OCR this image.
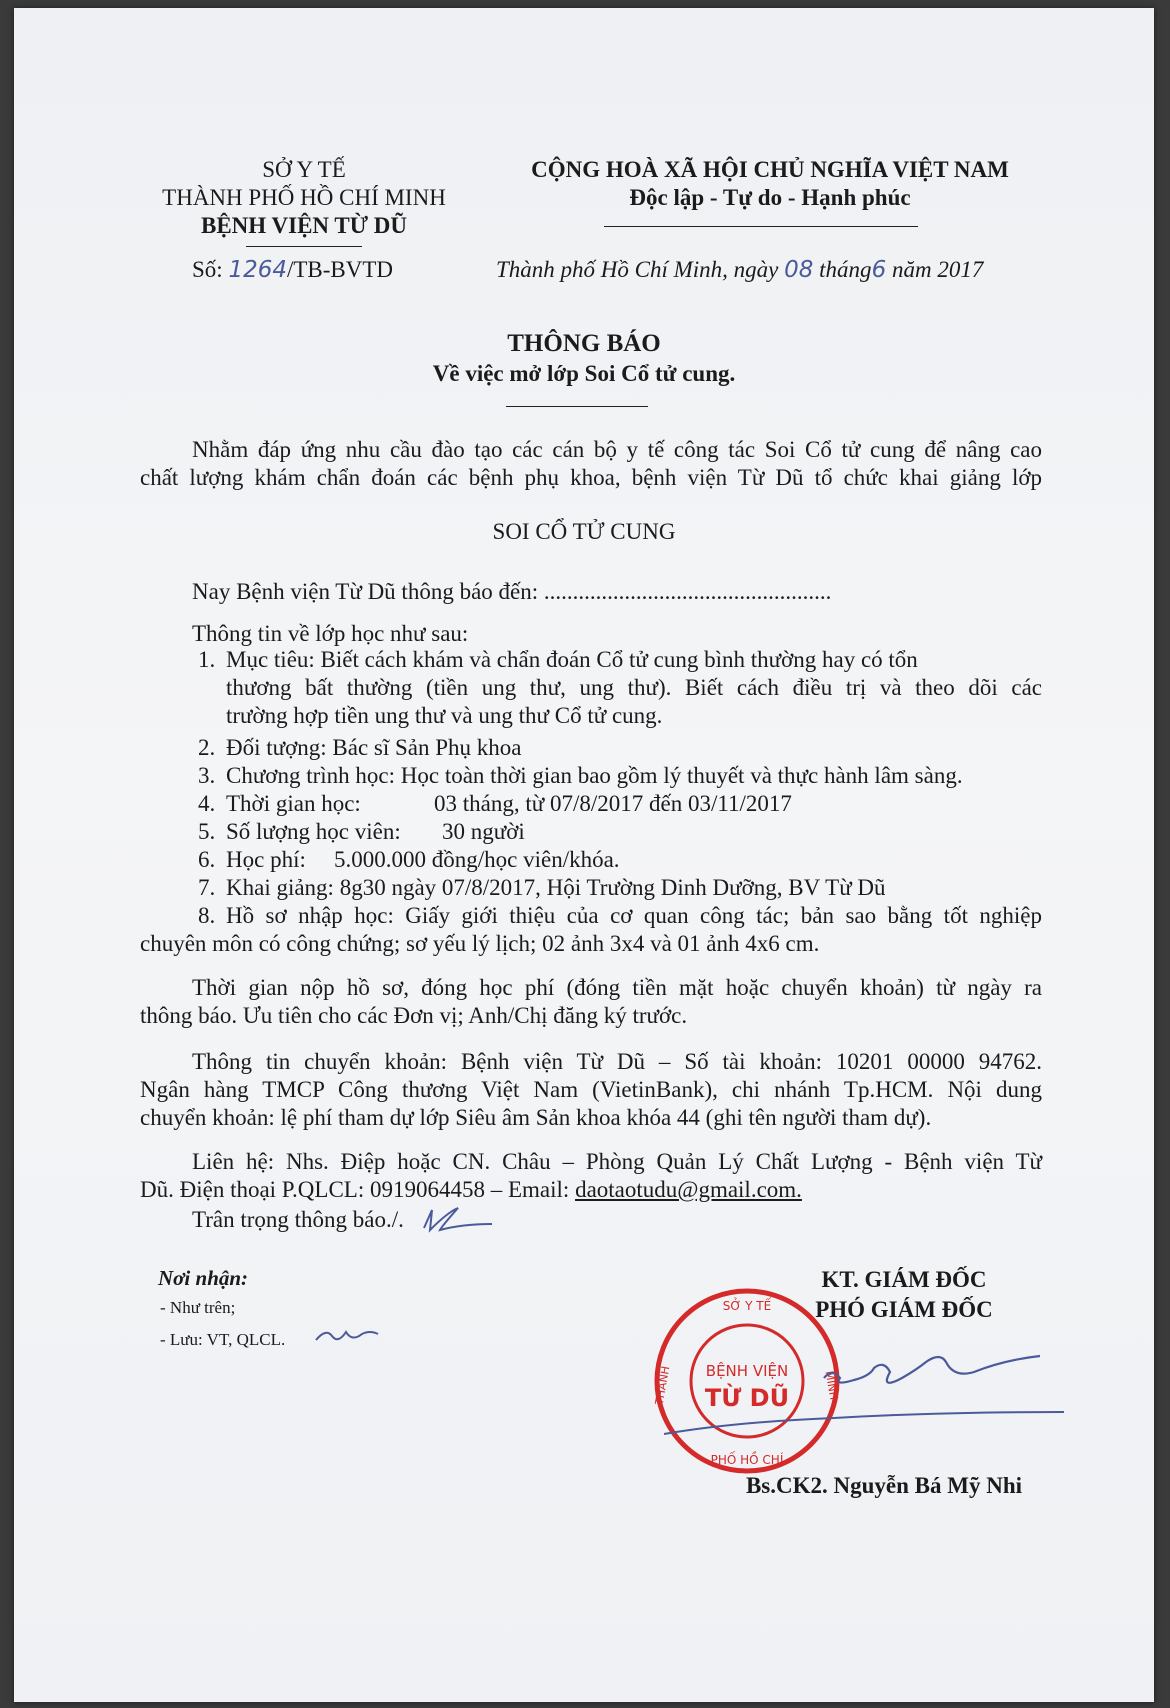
SỞ Y TẾ
THÀNH PHỐ HỒ CHÍ MINH
BỆNH VIỆN TỪ DŨ
Số: 1264/TB-BVTD
CỘNG HOÀ XÃ HỘI CHỦ NGHĨA VIỆT NAM
Độc lập - Tự do - Hạnh phúc
Thành phố Hồ Chí Minh, ngày 08 tháng6 năm 2017
THÔNG BÁO
Về việc mở lớp Soi Cổ tử cung.
Nhằm đáp ứng nhu cầu đào tạo các cán bộ y tế công tác Soi Cổ tử cung để nâng cao
chất lượng khám chẩn đoán các bệnh phụ khoa, bệnh viện Từ Dũ tổ chức khai giảng lớp
SOI CỔ TỬ CUNG
Nay Bệnh viện Từ Dũ thông báo đến: ..................................................
Thông tin về lớp học như sau:
1. Mục tiêu: Biết cách khám và chẩn đoán Cổ tử cung bình thường hay có tổn
thương bất thường (tiền ung thư, ung thư). Biết cách điều trị và theo dõi các
trường hợp tiền ung thư và ung thư Cổ tử cung.
2. Đối tượng: Bác sĩ Sản Phụ khoa
3. Chương trình học: Học toàn thời gian bao gồm lý thuyết và thực hành lâm sàng.
4. Thời gian học:	03 tháng, từ 07/8/2017 đến 03/11/2017
5. Số lượng học viên: 30 người
6. Học phí: 5.000.000 đồng/học viên/khóa.
7. Khai giảng: 8g30 ngày 07/8/2017, Hội Trường Dinh Dưỡng, BV Từ Dũ
8. Hồ sơ nhập học: Giấy giới thiệu của cơ quan công tác; bản sao bằng tốt nghiệp
chuyên môn có công chứng; sơ yếu lý lịch; 02 ảnh 3x4 và 01 ảnh 4x6 cm.
Thời gian nộp hồ sơ, đóng học phí (đóng tiền mặt hoặc chuyển khoản) từ ngày ra
thông báo. Ưu tiên cho các Đơn vị; Anh/Chị đăng ký trước.
Thông tin chuyển khoản: Bệnh viện Từ Dũ – Số tài khoản: 10201 00000 94762.
Ngân hàng TMCP Công thương Việt Nam (VietinBank), chi nhánh Tp.HCM. Nội dung
chuyển khoản: lệ phí tham dự lớp Siêu âm Sản khoa khóa 44 (ghi tên người tham dự).
Liên hệ: Nhs. Điệp hoặc CN. Châu – Phòng Quản Lý Chất Lượng - Bệnh viện Từ
Dũ. Điện thoại P.QLCL: 0919064458 – Email: daotaotudu@gmail.com.
Trân trọng thông báo./.
Nơi nhận:
- Như trên;
- Lưu: VT, QLCL.
KT. GIÁM ĐỐC
PHÓ GIÁM ĐỐC
SỞ Y TẾ
THÀNH
PHỐ HỒ CHÍ
MINH
BỆNH VIỆN
TỪ DŨ
Bs.CK2. Nguyễn Bá Mỹ Nhi
